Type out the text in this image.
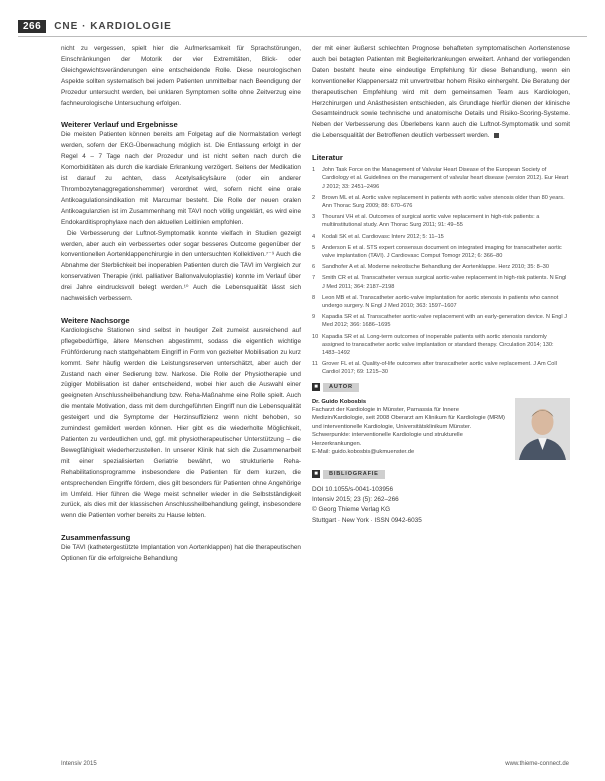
266	CNE · KARDIOLOGIE

nicht zu vergessen, spielt hier die Aufmerksamkeit für Sprachstörungen, Einschränkungen der Motorik der vier Extremitäten, Blick- oder Gleichgewichtsveränderungen eine entscheidende Rolle. Diese neurologischen Aspekte sollten systematisch bei jedem Patienten unmittelbar nach Beendigung der Prozedur untersucht werden, bei unklaren Symptomen sollte ohne Zeitverzug eine fachneurologische Untersuchung erfolgen.

Weiterer Verlauf und Ergebnisse

Die meisten Patienten können bereits am Folgetag auf die Normalstation verlegt werden, sofern der EKG-Überwachung möglich ist. Die Entlassung erfolgt in der Regel 4 – 7 Tage nach der Prozedur und ist nicht selten nach durch die Komorbiditäten als durch die kardiale Erkrankung verzögert. Seitens der Medikation ist darauf zu achten, dass Acetylsalicylsäure (oder ein anderer Thrombozytenaggregationshemmer) verordnet wird, sofern nicht eine orale Antikoagulationsindikation mit Marcumar besteht. Die Rolle der neuen oralen Antikoagulanzien ist im Zusammenhang mit TAVI noch völlig ungeklärt, es wird eine Endokarditisprophylaxe nach den aktuellen Leitlinien empfohlen.

Die Verbesserung der Luftnot-Symptomatik konnte vielfach in Studien gezeigt werden, aber auch ein verbessertes oder sogar besseres Outcome gegenüber der konventionellen Aortenklappenchirurgie in den untersuchten Kollektiven.⁷⁻⁹ Auch die Abnahme der Sterblichkeit bei inoperablen Patienten durch die TAVI im Vergleich zur konservativen Therapie (inkl. palliativer Ballonvalvuloplastie) konnte im Verlauf über drei Jahre eindrucksvoll belegt werden.¹⁰ Auch die Lebensqualität lässt sich nachweislich verbessern.

Weitere Nachsorge

Kardiologische Stationen sind selbst in heutiger Zeit zumeist ausreichend auf pflegebedürftige, ältere Menschen abgestimmt, sodass die eigentlich wichtige Frühförderung nach stattgehabtem Eingriff in Form von gezielter Mobilisation zu kurz kommt. Sehr häufig werden die Leistungsreserven unterschätzt, aber auch der Zustand nach einer Sedierung bzw. Narkose. Die Rolle der Physiotherapie und zügiger Mobilisation ist daher entscheidend, wobei hier auch die Auswahl einer geeigneten Anschlussheilbehandlung bzw. Reha-Maßnahme eine Rolle spielt. Auch die mentale Motivation, dass mit dem durchgeführten Eingriff nun die Lebensqualität gesteigert und die Symptome der Herzinsuffizienz wenn nicht behoben, so zumindest gemildert werden können. Hier gibt es die wiederholte Möglichkeit, Patienten zu verdeutlichen und, ggf. mit physiotherapeutischer Unterstützung – die Bewegfähigkeit wiederherzustellen. In unserer Klinik hat sich die Zusammenarbeit mit einer spezialisierten Geriatrie bewährt, wo strukturierte Reha-Rehabilitationsprogramme insbesondere die Patienten für dem kurzen, die entsprechenden Eingriffe fördern, dies gilt besonders für Patienten ohne Angehörige im Umfeld. Hier führen die Wege meist schneller wieder in die Selbstständigkeit zurück, als dies mit der klassischen Anschlussheilbehandlung gelingt, insbesondere wenn die Patienten vorher bereits zu Hause lebten.

Zusammenfassung

Die TAVI (kathetergestützte Implantation von Aortenklappen) hat die therapeutischen Optionen für die erfolgreiche Behandlung

der mit einer äußerst schlechten Prognose behafteten symptomatischen Aortenstenose auch bei betagten Patienten mit Begleiterkrankungen erweitert. Anhand der vorliegenden Daten besteht heute eine eindeutige Empfehlung für diese Behandlung, wenn ein konventioneller Klappenersatz mit unvertretbar hohem Risiko einhergeht. Die Beratung der therapeutischen Empfehlung wird mit dem gemeinsamen Team aus Kardiologen, Herzchirurgen und Anästhesisten entschieden, als Grundlage hierfür dienen der klinische Gesamteindruck sowie technische und anatomische Details und Risiko-Scoring-Systeme. Neben der Verbesserung des Überlebens kann auch die Luftnot-Symptomatik und somit die Lebensqualität der Betroffenen deutlich verbessert werden.

Literatur
1 John Task Force on the Management of Valvular Heart Disease of the European Society of Cardiology et al. Guidelines on the management of valvular heart disease (version 2012). Eur Heart J 2012; 33: 2451–2496
2 Brown ML et al. Aortic valve replacement in patients with aortic valve stenosis older than 80 years. Ann Thorac Surg 2009; 88: 670–676
3 Thourani VH et al. Outcomes of surgical aortic valve replacement in high-risk patients: a multiinstitutional study. Ann Thorac Surg 2011; 91: 49–55
4 Kodali SK et al. Cardiovasc Interv 2012; 5: 11–15
5 Anderson E et al. STS expert consensus document on integrated imaging for transcatheter aortic valve implantation (TAVI). J Cardiovasc Comput Tomogr 2012; 6: 366–80
6 Sandhofer A et al. Moderne nekrotische Behandlung der Aortenklappe. Herz 2010; 35: 8–30
7 Smith CR et al. Transcatheter versus surgical aortic-valve replacement in high-risk patients. N Engl J Med 2011; 364: 2187–2198
8 Leon MB et al. Transcatheter aortic-valve implantation for aortic stenosis in patients who cannot undergo surgery. N Engl J Med 2010; 363: 1597–1607
9 Kapadia SR et al. Transcatheter aortic-valve replacement with an early-generation device. N Engl J Med 2012; 366: 1686–1695
10 Kapadia SR et al. Long-term outcomes of inoperable patients with aortic stenosis randomly assigned to transcatheter aortic valve implantation or standard therapy. Circulation 2014; 130: 1483–1492
11 Grover FL et al. Quality-of-life outcomes after transcatheter aortic valve replacement. J Am Coll Cardiol 2017; 69: 1215–30
■	AUTOR
Dr. Guido Kobosbis
Facharzt der Kardiologie in Münster, Parnassia für Innere Medizin/Kardiologie, seit 2008 Oberarzt am Klinikum für Kardiologie (MRM) und interventionelle Kardiologie, Universitätsklinikum Münster. Schwerpunkte: interventionelle Kardiologie und strukturelle Herzerkrankungen.
E-Mail: guido.kobosbis@ukmuenster.de
■	BIBLIOGRAFIE
DOI 10.1055/s-0041-103956
Intensiv 2015; 23 (5): 262–266
© Georg Thieme Verlag KG
Stuttgart · New York · ISSN 0942-6035
Intensiv 2015	www.thieme-connect.de
